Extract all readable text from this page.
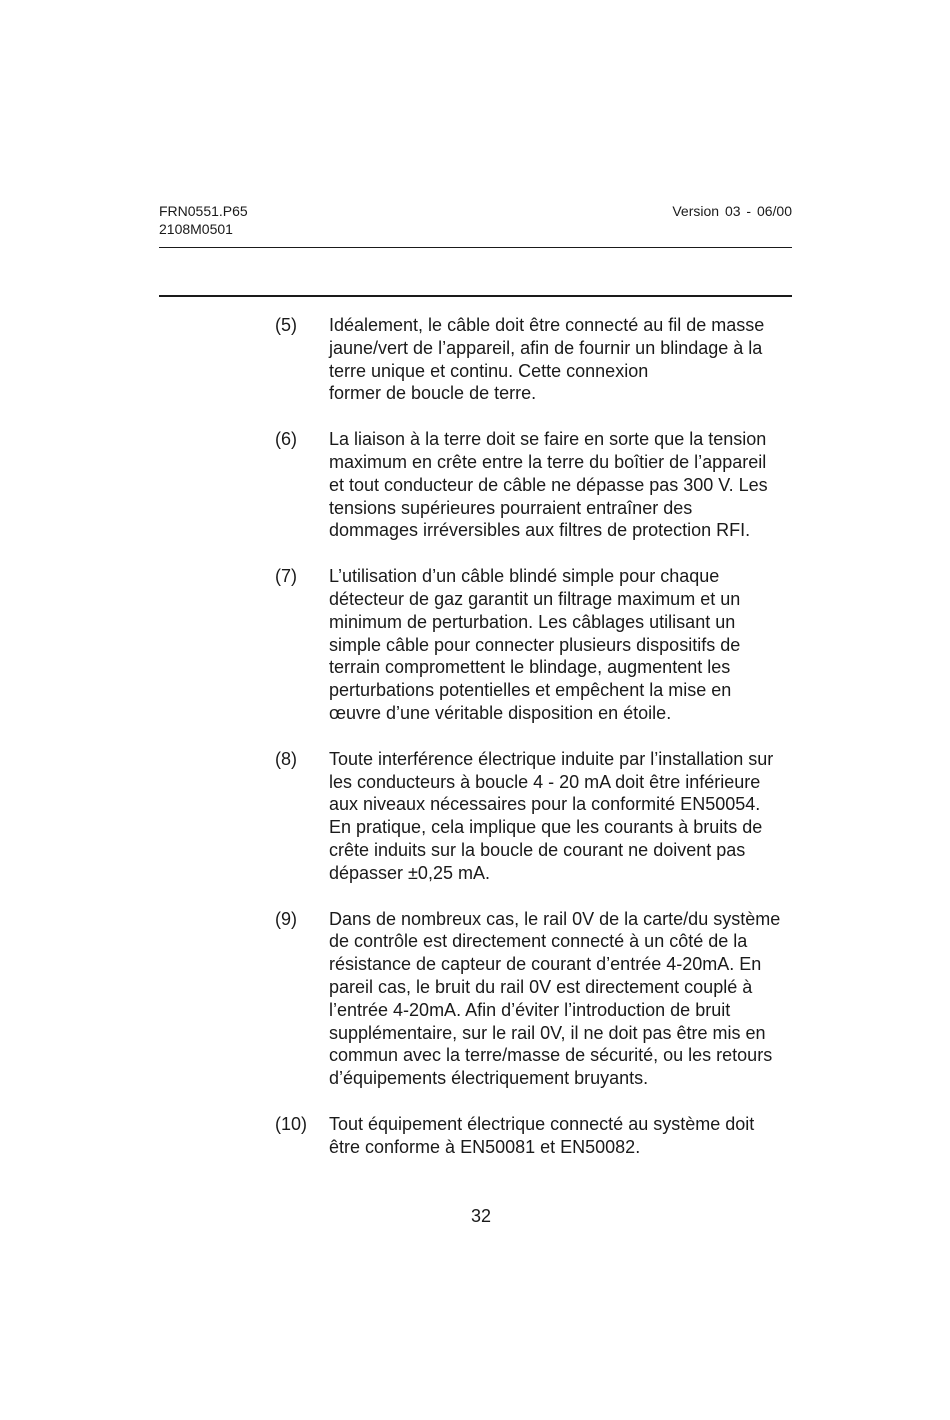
FRN0551.P65
2108M0501
Version 03 - 06/00
(5) Idéalement, le câble doit être connecté au fil de masse
jaune/vert de l’appareil, afin de fournir un blindage à la
terre unique et continu. Cette connexion
former de boucle de terre.
(6) La liaison à la terre doit se faire en sorte que la tension
maximum en crête entre la terre du boîtier de l’appareil
et tout conducteur de câble ne dépasse pas 300 V. Les
tensions supérieures pourraient entraîner des
dommages irréversibles aux filtres de protection RFI.
(7) L’utilisation d’un câble blindé simple pour chaque
détecteur de gaz garantit un filtrage maximum et un
minimum de perturbation. Les câblages utilisant un
simple câble pour connecter plusieurs dispositifs de
terrain compromettent le blindage, augmentent les
perturbations potentielles et empêchent la mise en
œuvre d’une véritable disposition en étoile.
(8) Toute interférence électrique induite par l’installation sur
les conducteurs à boucle 4 - 20 mA doit être inférieure
aux niveaux nécessaires pour la conformité EN50054.
En pratique, cela implique que les courants à bruits de
crête induits sur la boucle de courant ne doivent pas
dépasser ±0,25 mA.
(9) Dans de nombreux cas, le rail 0V de la carte/du système
de contrôle est directement connecté à un côté de la
résistance de capteur de courant d’entrée 4-20mA. En
pareil cas, le bruit du rail 0V est directement couplé à
l’entrée 4-20mA. Afin d’éviter l’introduction de bruit
supplémentaire, sur le rail 0V, il ne doit pas être mis en
commun avec la terre/masse de sécurité, ou les retours
d’équipements électriquement bruyants.
(10) Tout équipement électrique connecté au système doit
être conforme à EN50081 et EN50082.
32
